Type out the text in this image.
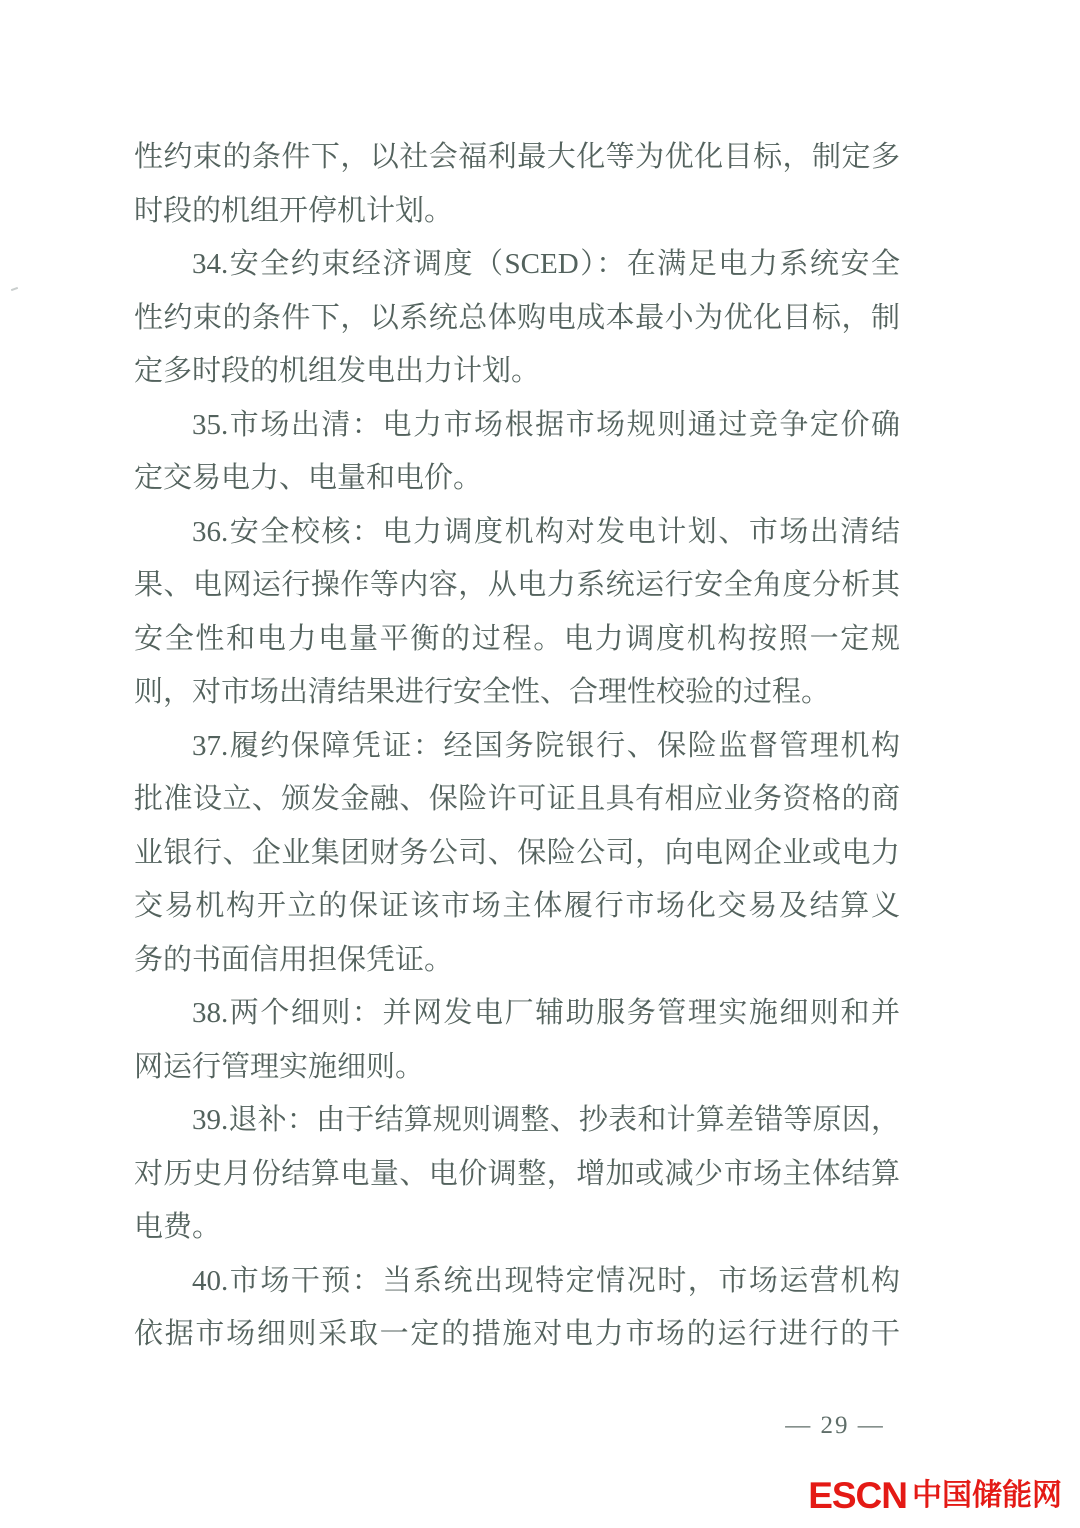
性约束的条件下，以社会福利最大化等为优化目标，制定多
时段的机组开停机计划。
34.安全约束经济调度（SCED）：在满足电力系统安全
性约束的条件下，以系统总体购电成本最小为优化目标，制
定多时段的机组发电出力计划。
35.市场出清：电力市场根据市场规则通过竞争定价确
定交易电力、电量和电价。
36.安全校核：电力调度机构对发电计划、市场出清结
果、电网运行操作等内容，从电力系统运行安全角度分析其
安全性和电力电量平衡的过程。电力调度机构按照一定规
则，对市场出清结果进行安全性、合理性校验的过程。
37.履约保障凭证：经国务院银行、保险监督管理机构
批准设立、颁发金融、保险许可证且具有相应业务资格的商
业银行、企业集团财务公司、保险公司，向电网企业或电力
交易机构开立的保证该市场主体履行市场化交易及结算义
务的书面信用担保凭证。
38.两个细则：并网发电厂辅助服务管理实施细则和并
网运行管理实施细则。
39.退补：由于结算规则调整、抄表和计算差错等原因，
对历史月份结算电量、电价调整，增加或减少市场主体结算
电费。
40.市场干预：当系统出现特定情况时，市场运营机构
依据市场细则采取一定的措施对电力市场的运行进行的干
— 29 —
ESCN 中国储能网
